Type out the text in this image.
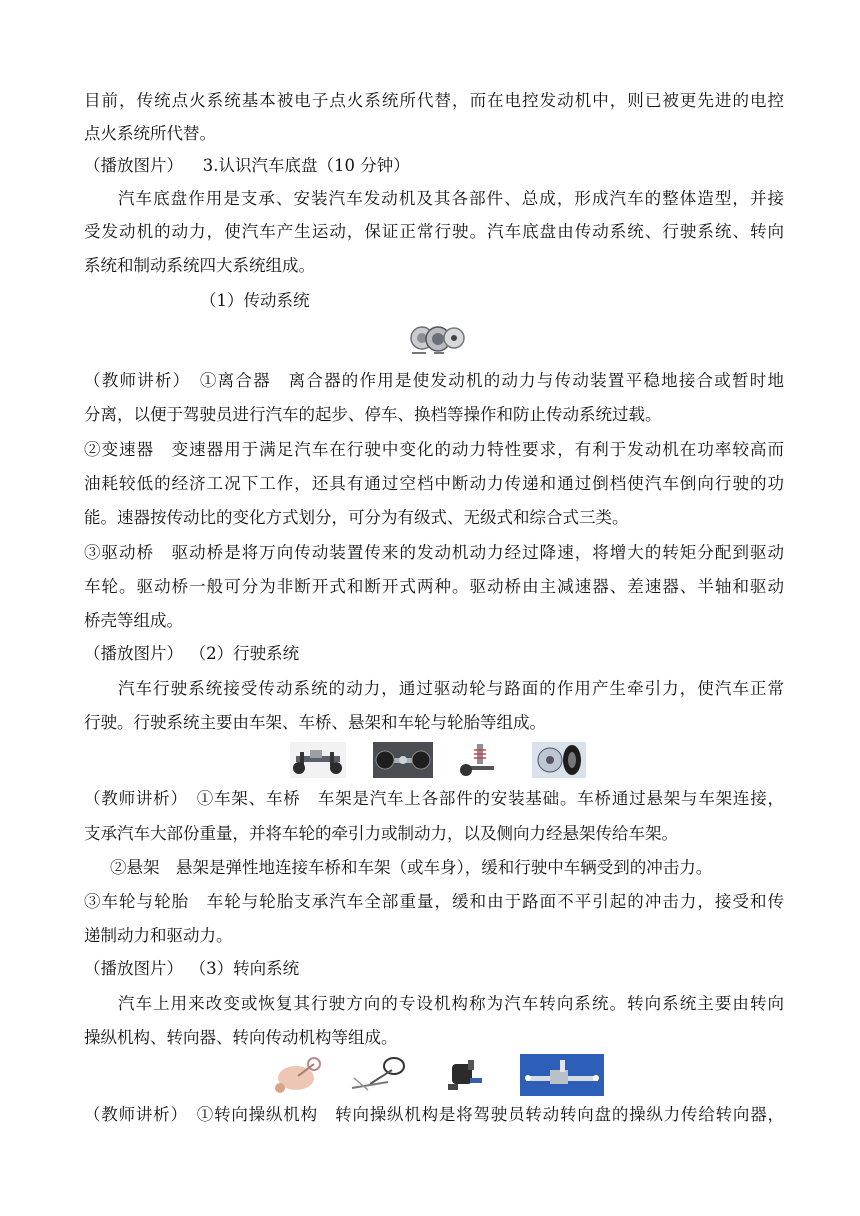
目前，传统点火系统基本被电子点火系统所代替，而在电控发动机中，则已被更先进的电控
点火系统所代替。
（播放图片） 3.认识汽车底盘（10 分钟）
汽车底盘作用是支承、安装汽车发动机及其各部件、总成，形成汽车的整体造型，并接
受发动机的动力，使汽车产生运动，保证正常行驶。汽车底盘由传动系统、行驶系统、转向
系统和制动系统四大系统组成。
（1）传动系统
（教师讲析）　①离合器　离合器的作用是使发动机的动力与传动装置平稳地接合或暂时地
分离，以便于驾驶员进行汽车的起步、停车、换档等操作和防止传动系统过载。
②变速器　变速器用于满足汽车在行驶中变化的动力特性要求，有利于发动机在功率较高而
油耗较低的经济工况下工作，还具有通过空档中断动力传递和通过倒档使汽车倒向行驶的功
能。速器按传动比的变化方式划分，可分为有级式、无级式和综合式三类。
③驱动桥　驱动桥是将万向传动装置传来的发动机动力经过降速，将增大的转矩分配到驱动
车轮。驱动桥一般可分为非断开式和断开式两种。驱动桥由主减速器、差速器、半轴和驱动
桥壳等组成。
（播放图片） （2）行驶系统
汽车行驶系统接受传动系统的动力，通过驱动轮与路面的作用产生牵引力，使汽车正常
行驶。行驶系统主要由车架、车桥、悬架和车轮与轮胎等组成。
（教师讲析）　①车架、车桥　车架是汽车上各部件的安装基础。车桥通过悬架与车架连接，
支承汽车大部份重量，并将车轮的牵引力或制动力，以及侧向力经悬架传给车架。
②悬架　悬架是弹性地连接车桥和车架（或车身），缓和行驶中车辆受到的冲击力。
③车轮与轮胎　车轮与轮胎支承汽车全部重量，缓和由于路面不平引起的冲击力，接受和传
递制动力和驱动力。
（播放图片） （3）转向系统
汽车上用来改变或恢复其行驶方向的专设机构称为汽车转向系统。转向系统主要由转向
操纵机构、转向器、转向传动机构等组成。
（教师讲析）　①转向操纵机构　转向操纵机构是将驾驶员转动转向盘的操纵力传给转向器，
